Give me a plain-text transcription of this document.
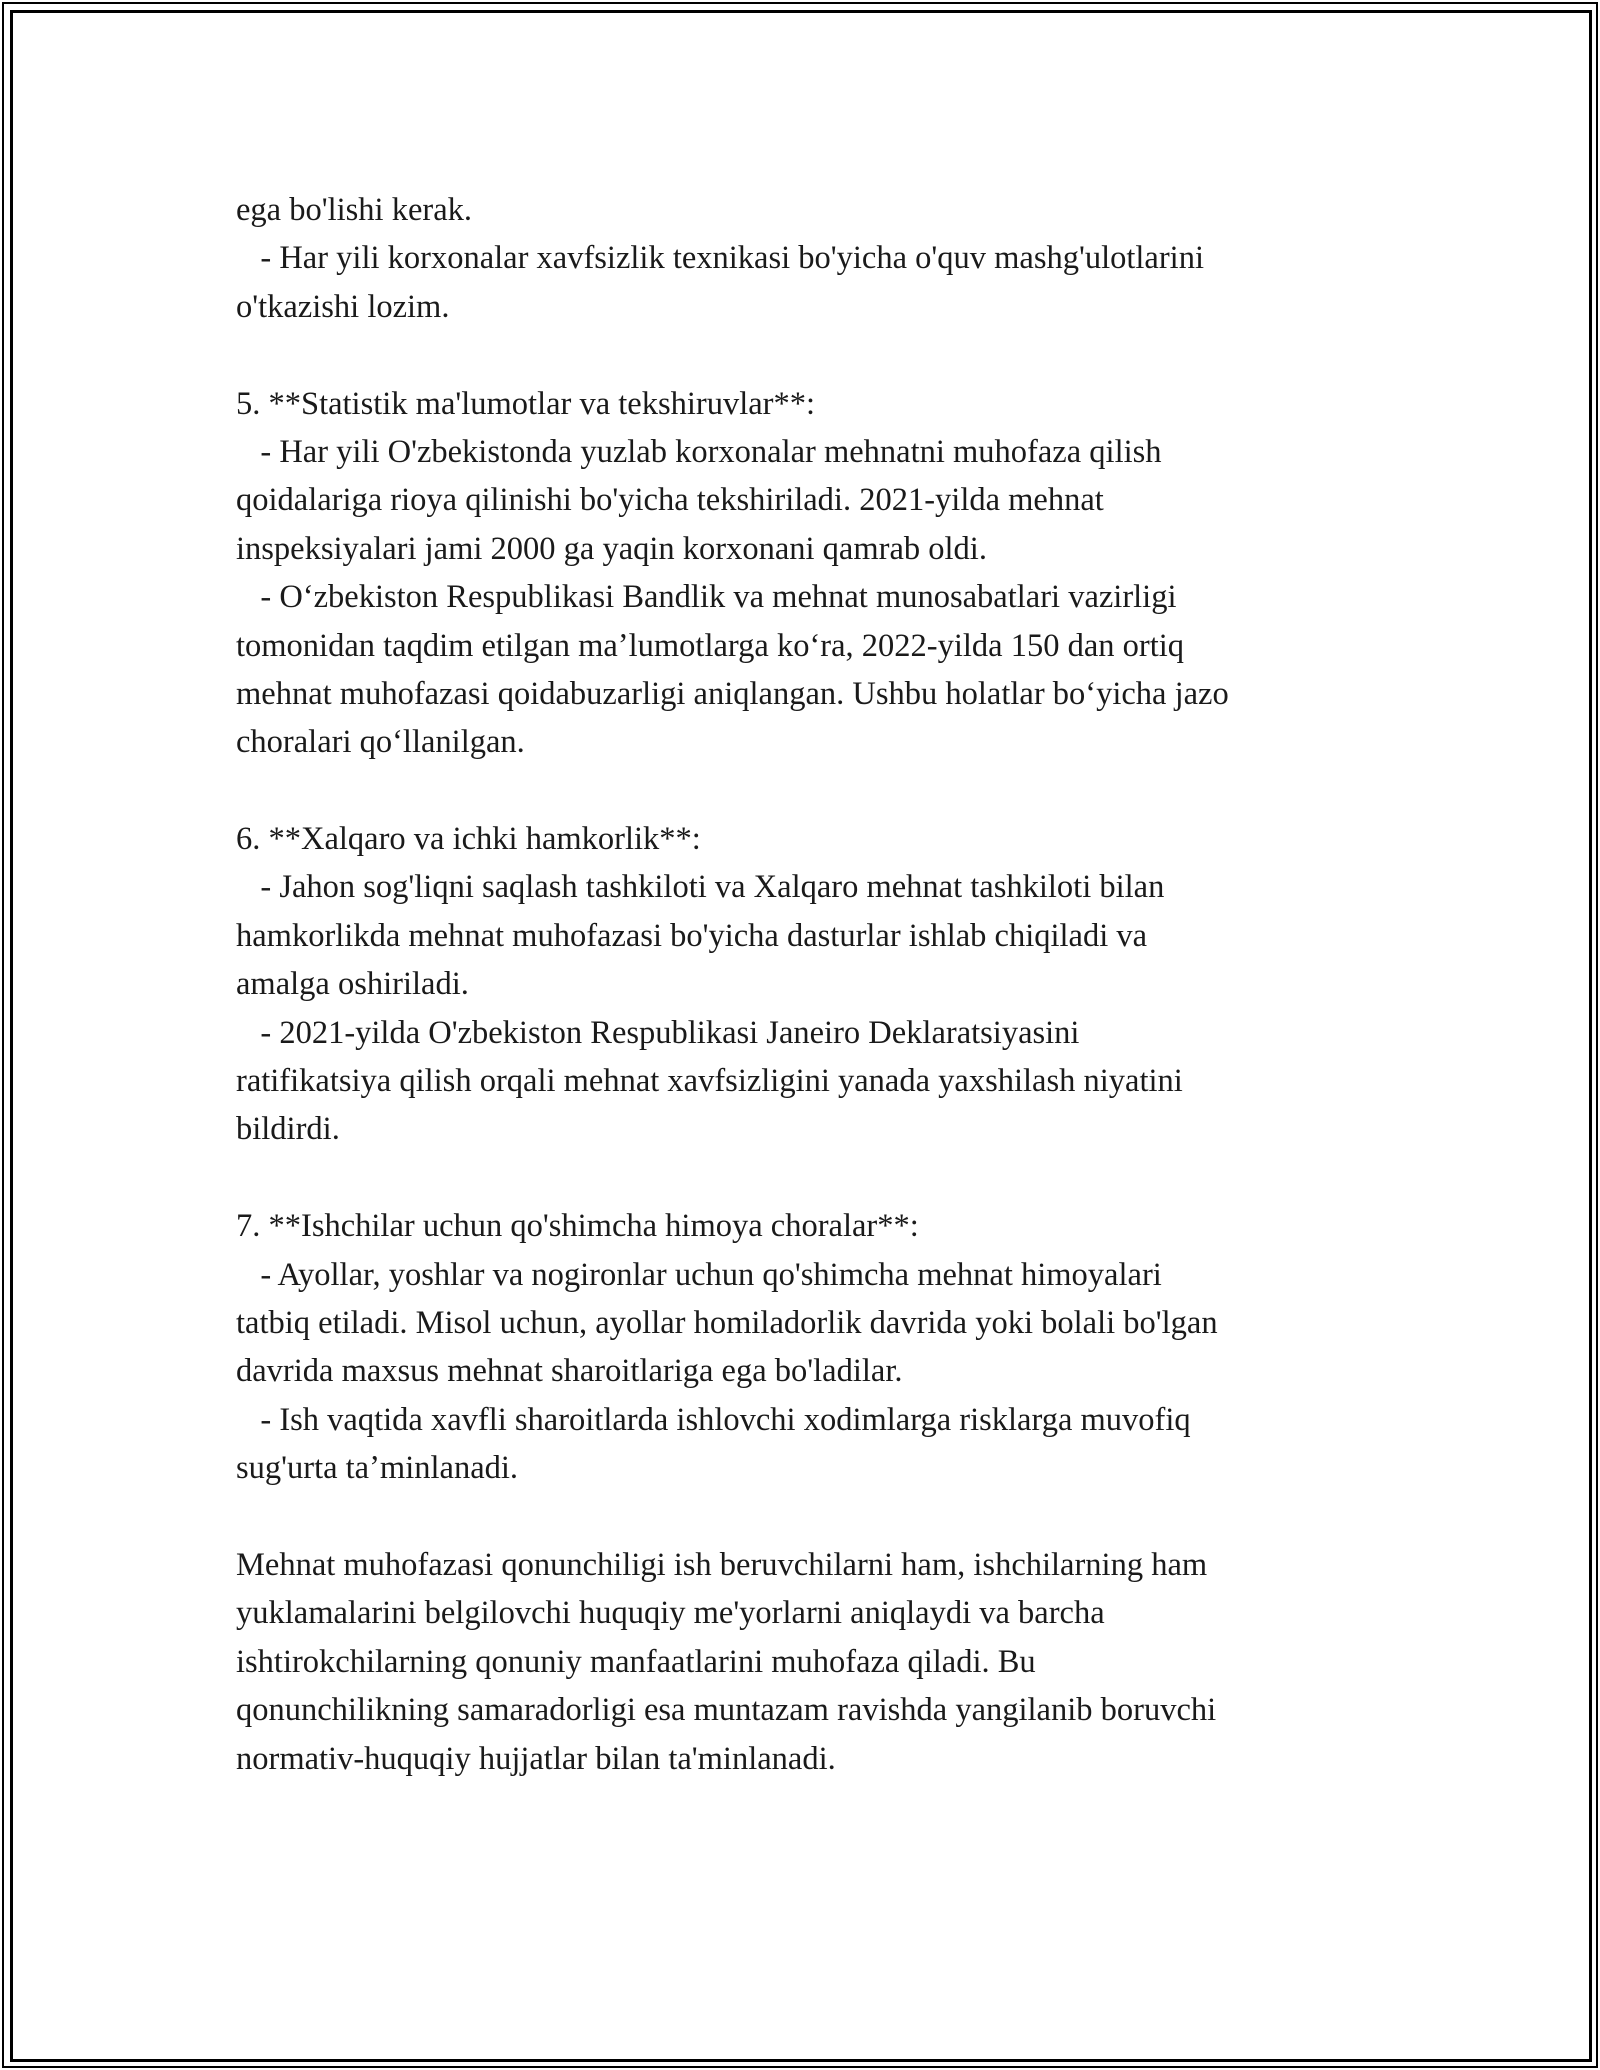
ega bo'lishi kerak.
- Har yili korxonalar xavfsizlik texnikasi bo'yicha o'quv mashg'ulotlarini
o'tkazishi lozim.
5. **Statistik ma'lumotlar va tekshiruvlar**:
- Har yili O'zbekistonda yuzlab korxonalar mehnatni muhofaza qilish
qoidalariga rioya qilinishi bo'yicha tekshiriladi. 2021-yilda mehnat
inspeksiyalari jami 2000 ga yaqin korxonani qamrab oldi.
- Oʻzbekiston Respublikasi Bandlik va mehnat munosabatlari vazirligi
tomonidan taqdim etilgan maʼlumotlarga koʻra, 2022-yilda 150 dan ortiq
mehnat muhofazasi qoidabuzarligi aniqlangan. Ushbu holatlar boʻyicha jazo
choralari qoʻllanilgan.
6. **Xalqaro va ichki hamkorlik**:
- Jahon sog'liqni saqlash tashkiloti va Xalqaro mehnat tashkiloti bilan
hamkorlikda mehnat muhofazasi bo'yicha dasturlar ishlab chiqiladi va
amalga oshiriladi.
- 2021-yilda O'zbekiston Respublikasi Janeiro Deklaratsiyasini
ratifikatsiya qilish orqali mehnat xavfsizligini yanada yaxshilash niyatini
bildirdi.
7. **Ishchilar uchun qo'shimcha himoya choralar**:
- Ayollar, yoshlar va nogironlar uchun qo'shimcha mehnat himoyalari
tatbiq etiladi. Misol uchun, ayollar homiladorlik davrida yoki bolali bo'lgan
davrida maxsus mehnat sharoitlariga ega bo'ladilar.
- Ish vaqtida xavfli sharoitlarda ishlovchi xodimlarga risklarga muvofiq
sug'urta taʼminlanadi.
Mehnat muhofazasi qonunchiligi ish beruvchilarni ham, ishchilarning ham
yuklamalarini belgilovchi huquqiy me'yorlarni aniqlaydi va barcha
ishtirokchilarning qonuniy manfaatlarini muhofaza qiladi. Bu
qonunchilikning samaradorligi esa muntazam ravishda yangilanib boruvchi
normativ-huquqiy hujjatlar bilan ta'minlanadi.
